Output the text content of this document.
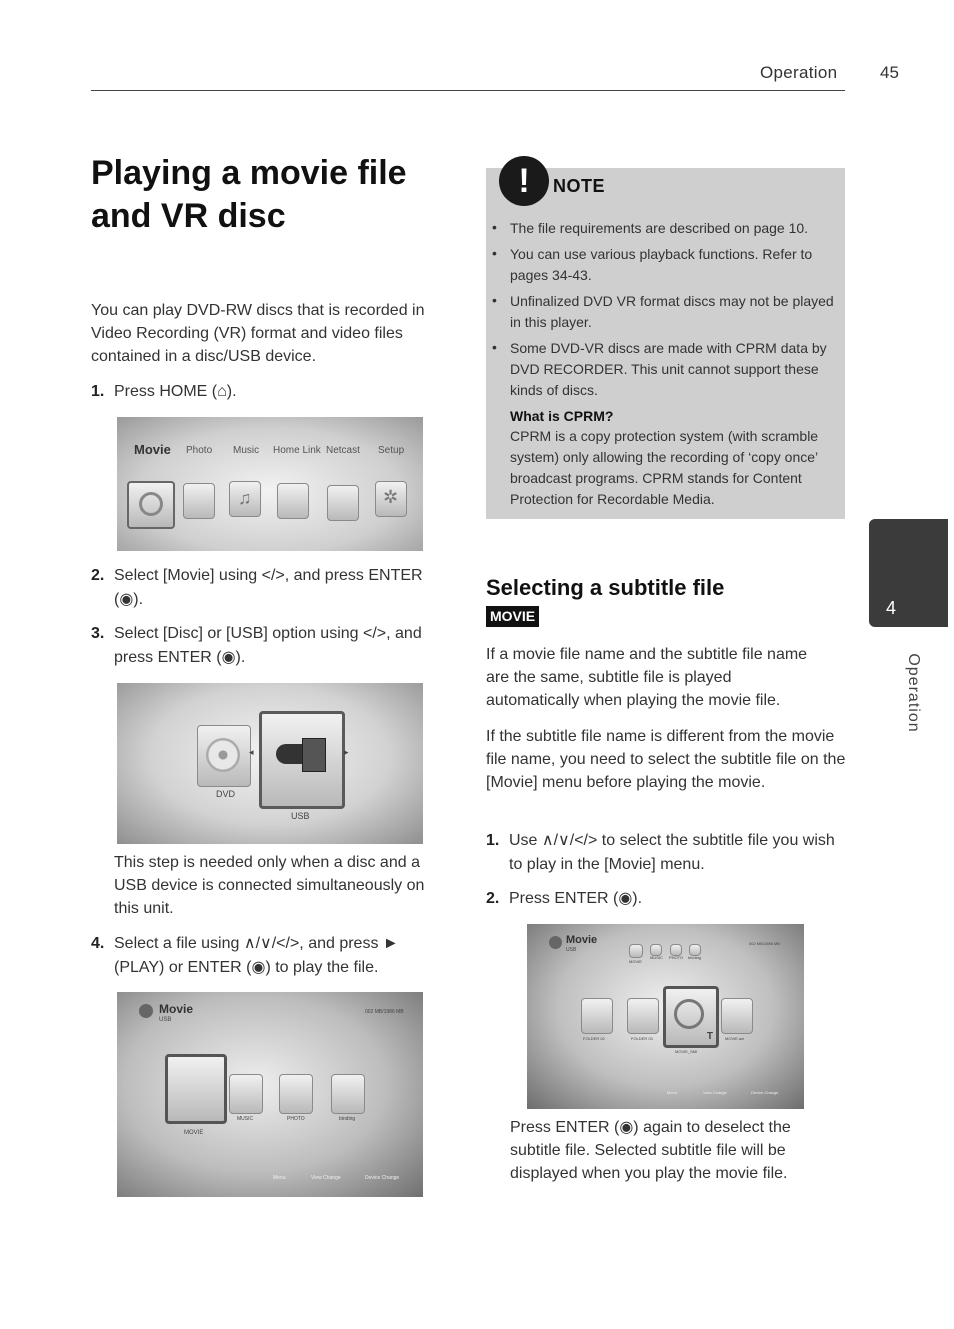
Operation	45
Playing a movie file
and VR disc
You can play DVD-RW discs that is recorded in Video Recording (VR) format and video files contained in a disc/USB device.
1. Press HOME (⌂).
Movie Photo Music Home Link Netcast Setup
♫	✲
2. Select [Movie] using </>, and press ENTER (◉).
3. Select [Disc] or [USB] option using </>, and press ENTER (◉).
DVD
USB
▸
◂
This step is needed only when a disc and a USB device is connected simultaneously on this unit.
4. Select a file using ∧/∨/</>, and press ► (PLAY) or ENTER (◉) to play the file.
Movie
USB
002 MB/1986 MB
MOVIE
MUSIC	PHOTO	binding
Menu	View Change	Device Change
!	NOTE
• The file requirements are described on page 10.
• You can use various playback functions. Refer to pages 34-43.
• Unfinalized DVD VR format discs may not be played in this player.
• Some DVD-VR discs are made with CPRM data by DVD RECORDER. This unit cannot support these kinds of discs.
What is CPRM?
CPRM is a copy protection system (with scramble system) only allowing the recording of ‘copy once’ broadcast programs. CPRM stands for Content Protection for Recordable Media.
4
Operation
Selecting a subtitle file
MOVIE
If a movie file name and the subtitle file name are the same, subtitle file is played automatically when playing the movie file.
If the subtitle file name is different from the movie file name, you need to select the subtitle file on the [Movie] menu before playing the movie.
1. Use ∧/∨/</> to select the subtitle file you wish to play in the [Movie] menu.
2. Press ENTER (◉).
Movie
USB
002 MB/1986 MB
MOVIE
MUSIC PHOTO binding
FOLDER 02	FOLDER 03	T
MOVIE_SMI
MOVIE.avi
Menu	View Change	Device Change
Press ENTER (◉) again to deselect the subtitle file. Selected subtitle file will be displayed when you play the movie file.
